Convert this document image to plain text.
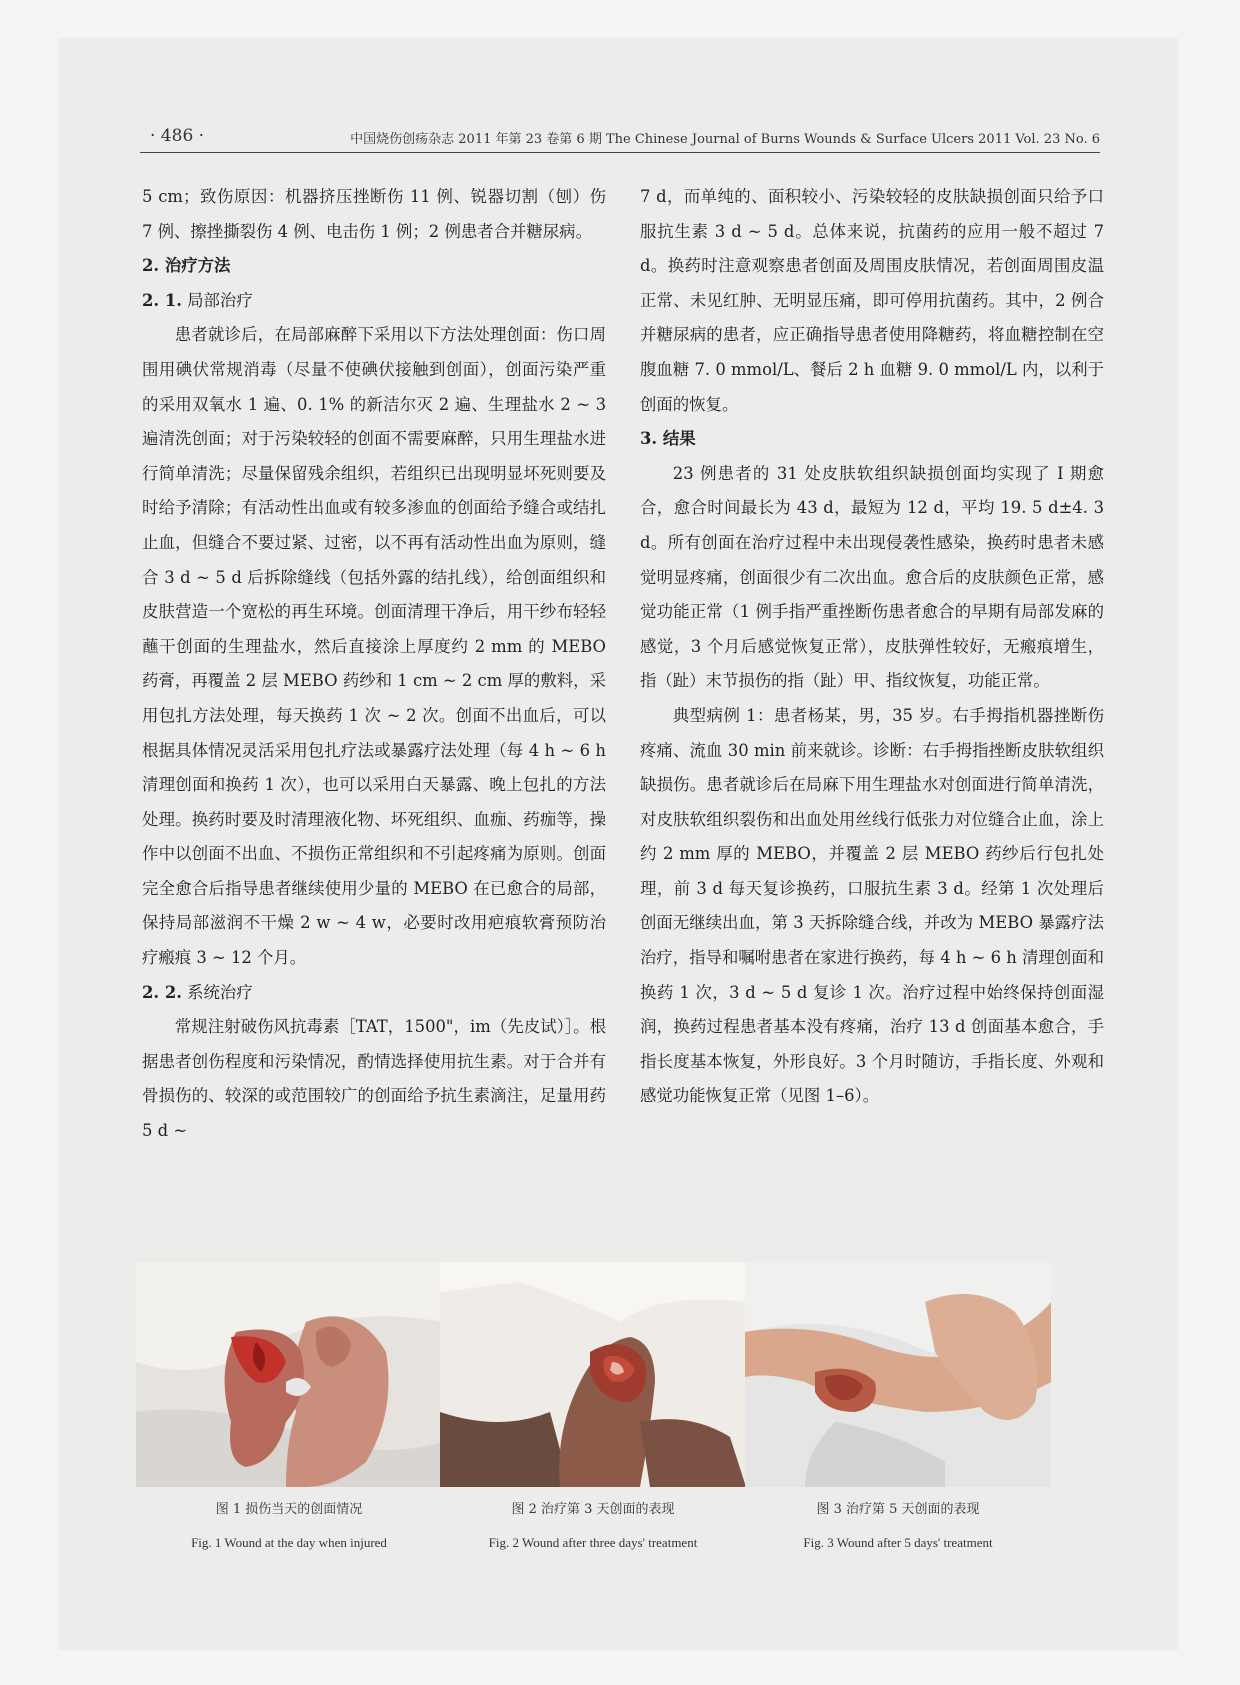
· 486 ·	中国烧伤创疡杂志 2011 年第 23 卷第 6 期 The Chinese Journal of Burns Wounds & Surface Ulcers 2011 Vol. 23 No. 6

5 cm；致伤原因：机器挤压挫断伤 11 例、锐器切割（刨）伤 7 例、擦挫撕裂伤 4 例、电击伤 1 例；2 例患者合并糖尿病。

2. 治疗方法
2. 1. 局部治疗

患者就诊后，在局部麻醉下采用以下方法处理创面：伤口周围用碘伏常规消毒（尽量不使碘伏接触到创面），创面污染严重的采用双氧水 1 遍、0. 1% 的新洁尔灭 2 遍、生理盐水 2 ~ 3 遍清洗创面；对于污染较轻的创面不需要麻醉，只用生理盐水进行简单清洗；尽量保留残余组织，若组织已出现明显坏死则要及时给予清除；有活动性出血或有较多渗血的创面给予缝合或结扎止血，但缝合不要过紧、过密，以不再有活动性出血为原则，缝合 3 d ~ 5 d 后拆除缝线（包括外露的结扎线），给创面组织和皮肤营造一个宽松的再生环境。创面清理干净后，用干纱布轻轻蘸干创面的生理盐水，然后直接涂上厚度约 2 mm 的 MEBO 药膏，再覆盖 2 层 MEBO 药纱和 1 cm ~ 2 cm 厚的敷料，采用包扎方法处理，每天换药 1 次 ~ 2 次。创面不出血后，可以根据具体情况灵活采用包扎疗法或暴露疗法处理（每 4 h ~ 6 h 清理创面和换药 1 次），也可以采用白天暴露、晚上包扎的方法处理。换药时要及时清理液化物、坏死组织、血痂、药痂等，操作中以创面不出血、不损伤正常组织和不引起疼痛为原则。创面完全愈合后指导患者继续使用少量的 MEBO 在已愈合的局部，保持局部滋润不干燥 2 w ~ 4 w，必要时改用疤痕软膏预防治疗瘢痕 3 ~ 12 个月。

2. 2. 系统治疗

常规注射破伤风抗毒素［TAT，1500"，im（先皮试）］。根据患者创伤程度和污染情况，酌情选择使用抗生素。对于合并有骨损伤的、较深的或范围较广的创面给予抗生素滴注，足量用药 5 d ~

7 d，而单纯的、面积较小、污染较轻的皮肤缺损创面只给予口服抗生素 3 d ~ 5 d。总体来说，抗菌药的应用一般不超过 7 d。换药时注意观察患者创面及周围皮肤情况，若创面周围皮温正常、未见红肿、无明显压痛，即可停用抗菌药。其中，2 例合并糖尿病的患者，应正确指导患者使用降糖药，将血糖控制在空腹血糖 7. 0 mmol/L、餐后 2 h 血糖 9. 0 mmol/L 内，以利于创面的恢复。

3. 结果

23 例患者的 31 处皮肤软组织缺损创面均实现了 I 期愈合，愈合时间最长为 43 d，最短为 12 d，平均 19. 5 d±4. 3 d。所有创面在治疗过程中未出现侵袭性感染，换药时患者未感觉明显疼痛，创面很少有二次出血。愈合后的皮肤颜色正常，感觉功能正常（1 例手指严重挫断伤患者愈合的早期有局部发麻的感觉，3 个月后感觉恢复正常），皮肤弹性较好，无瘢痕增生，指（趾）末节损伤的指（趾）甲、指纹恢复，功能正常。

典型病例 1：患者杨某，男，35 岁。右手拇指机器挫断伤疼痛、流血 30 min 前来就诊。诊断：右手拇指挫断皮肤软组织缺损伤。患者就诊后在局麻下用生理盐水对创面进行简单清洗，对皮肤软组织裂伤和出血处用丝线行低张力对位缝合止血，涂上约 2 mm 厚的 MEBO，并覆盖 2 层 MEBO 药纱后行包扎处理，前 3 d 每天复诊换药，口服抗生素 3 d。经第 1 次处理后创面无继续出血，第 3 天拆除缝合线，并改为 MEBO 暴露疗法治疗，指导和嘱咐患者在家进行换药，每 4 h ~ 6 h 清理创面和换药 1 次，3 d ~ 5 d 复诊 1 次。治疗过程中始终保持创面湿润，换药过程患者基本没有疼痛，治疗 13 d 创面基本愈合，手指长度基本恢复，外形良好。3 个月时随访，手指长度、外观和感觉功能恢复正常（见图 1–6）。

图 1 损伤当天的创面情况
Fig. 1 Wound at the day when injured
图 2 治疗第 3 天创面的表现
Fig. 2 Wound after three days' treatment
图 3 治疗第 5 天创面的表现
Fig. 3 Wound after 5 days' treatment
